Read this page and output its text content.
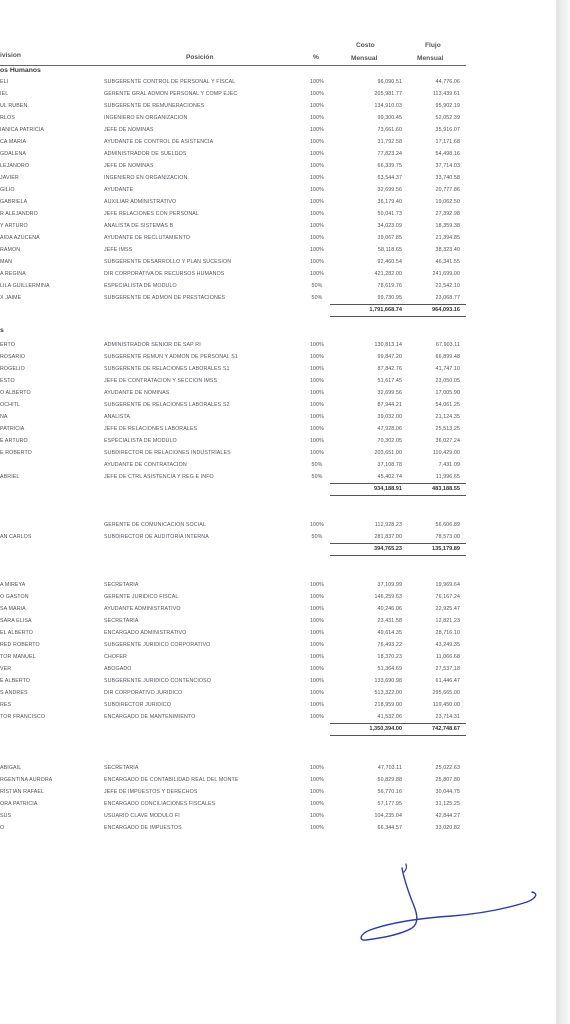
ivision	Posición	%
Costo
Mensual
Flujo
Mensual
os Humanos
ELI	SUBGERENTE CONTROL DE PERSONAL Y FISCAL	100%	96,090.51	44,776.06
IEL	GERENTE GRAL ADMON PERSONAL Y COMP EJEC	100%	205,981.77	113,439.61
UL RUBEN	SUBGERENTE DE REMUNERACIONES	100%	134,910.03	95,902.19
RLOS	INGENIERO EN ORGANIZACION	100%	99,300.45	52,052.39
IANICA PATRICIA	JEFE DE NOMINAS	100%	73,661.60	35,916.07
CA MARIA	AYUDANTE DE CONTROL DE ASISTENCIA	100%	31,792.58	17,171.68
GDALENA	ADMINISTRADOR DE SUELDOS	100%	77,823.24	54,498.16
LEJANDRO	JEFE DE NOMINAS	100%	66,339.75	37,714.03
JAVIER	INGENIERO EN ORGANIZACION	100%	63,544.37	33,740.58
GILIO	AYUDANTE	100%	32,699.56	20,777.86
GABRIELA	AUXILIAR ADMINISTRATIVO	100%	36,179.40	19,062.50
R ALEJANDRO	JEFE RELACIONES CON PERSONAL	100%	50,041.73	27,392.98
Y ARTURO	ANALISTA DE SISTEMAS B	100%	34,023.09	18,359.38
AIDA AZUCENA	AYUDANTE DE RECLUTAMIENTO	100%	39,067.85	21,394.85
RAMON	JEFE IMSS	100%	58,118.65	38,323.40
MAN	SUBGERENTE DESARROLLO Y PLAN SUCESION	100%	92,460.54	46,341.55
A REGINA	DIR CORPORATIVA DE RECURSOS HUMANOS	100%	421,282.00	241,699.00
LILA GUILLERMINA	ESPECIALISTA DE MODULO	50%	78,619.76	22,542.10
X JAIME	SUBGERENTE DE ADMON DE PRESTACIONES	50%	99,730.95	23,068.77
1,791,668.74	964,093.16
s
ERTO	ADMINISTRADOR SENIOR DE SAP RI	100%	130,813.14	67,903.11
ROSARIO	SUBGERENTE REMUN Y ADMON DE PERSONAL S1	100%	99,847.20	66,899.48
ROGELIO	SUBGERENTE DE RELACIONES LABORALES S1	100%	87,842.76	41,747.10
ESTO	JEFE DE CONTRATACION Y SECCION IMSS	100%	51,617.45	23,050.05
O ALBERTO	AYUDANTE DE NOMINAS	100%	32,699.56	17,005.90
OCHITL	SUBGERENTE DE RELACIONES LABORALES S2	100%	87,944.21	54,061.25
NA	ANALISTA	100%	39,032.00	21,124.35
PATRICIA	JEFE DE RELACIONES LABORALES	100%	47,928.06	25,513.25
E ARTURO	ESPECIALISTA DE MODULO	100%	70,302.05	36,027.24
E ROBERTO	SUBDIRECTOR DE RELACIONES INDUSTRIALES	100%	203,651.00	110,429.00
AYUDANTE DE CONTRATACION	50%	37,108.78	7,431.09
ABRIEL	JEFE DE CTRL ASISTENCIA Y REG E INFO	50%	45,402.74	11,996.65
934,188.91	483,188.55
GERENTE DE COMUNICACION SOCIAL	100%	112,928.23	56,606.89
AN CARLOS	SUBDIRECTOR DE AUDITORIA INTERNA	50%	281,837.00	78,573.00
394,765.23	135,179.89
A MIREYA	SECRETARIA	100%	37,109.99	19,969.64
O GASTON	GERENTE JURIDICO FISCAL	100%	146,259.63	76,167.24
SA MARIA	AYUDANTE ADMINISTRATIVO	100%	40,246.06	22,925.47
SARA ELISA	SECRETARIA	100%	23,431.58	12,821.23
EL ALBERTO	ENCARGADO ADMINISTRATIVO	100%	49,614.35	28,716.10
RED ROBERTO	SUBGERENTE JURIDICO CORPORATIVO	100%	76,493.22	43,249.35
TOR MANUEL	CHOFER	100%	18,370.23	11,066.68
VER	ABOGADO	100%	51,364.69	27,537.18
E ALBERTO	SUBGERENTE JURIDICO CONTENCIOSO	100%	133,690.98	61,446.47
S ANDRES	DIR CORPORATIVO JURIDICO	100%	513,322.00	295,665.00
RES	SUBDIRECTOR JURIDICO	100%	218,959.00	119,450.00
TOR FRANCISCO	ENCARGADO DE MANTENIMIENTO	100%	41,532.06	23,714.31
1,350,394.00	742,748.67
ABIGAIL	SECRETARIA	100%	47,703.11	25,022.63
RGENTINA AURORA	ENCARGADO DE CONTABILIDAD REAL DEL MONTE	100%	50,829.88	25,807.80
RISTIAN RAFAEL	JEFE DE IMPUESTOS Y DERECHOS	100%	56,770.16	30,044.75
ORA PATRICIA	ENCARGADO CONCILIACIONES FISCALES	100%	57,177.95	31,125.25
SUS	USUARIO CLAVE MODULO FI	100%	104,235.04	42,844.27
O	ENCARGADO DE IMPUESTOS	100%	66,344.57	33,020.82
